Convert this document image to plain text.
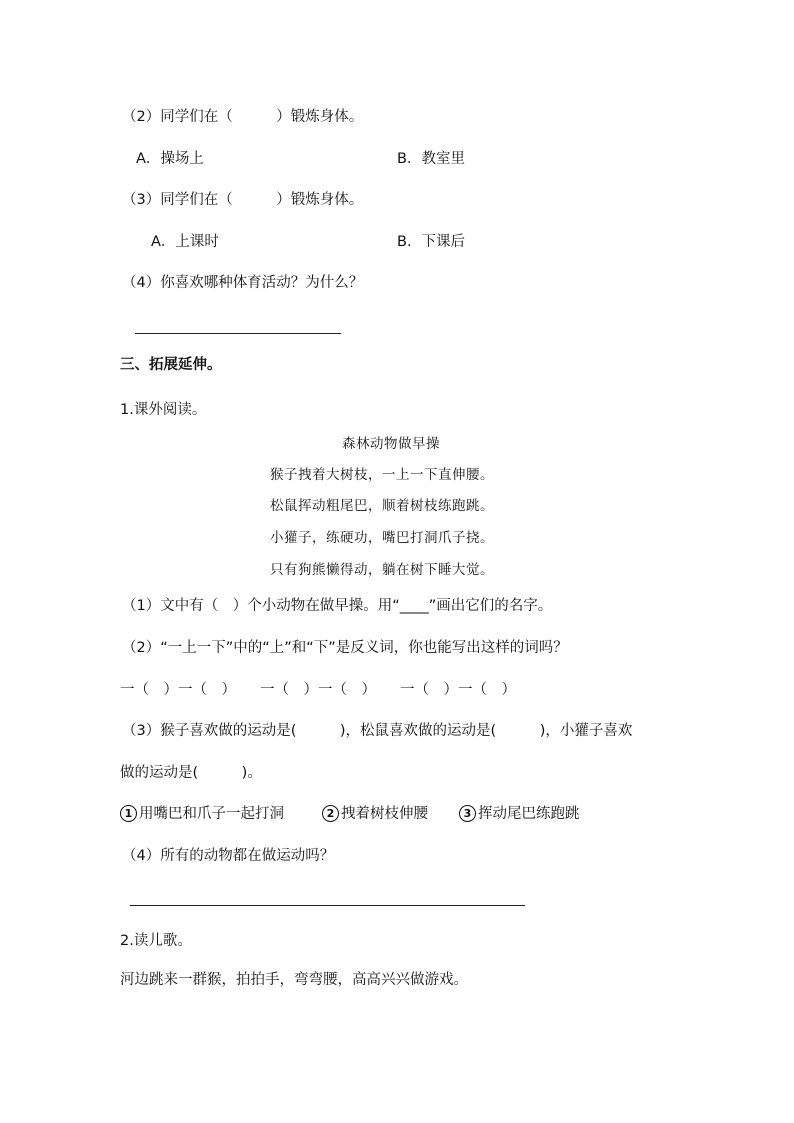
（2）同学们在（　　　）锻炼身体。
A．操场上	B．教室里
（3）同学们在（　　　）锻炼身体。
A．上课时	B．下课后
（4）你喜欢哪种体育活动？为什么？
三、拓展延伸。
1.课外阅读。
森林动物做早操
猴子拽着大树枝，一上一下直伸腰。
松鼠挥动粗尾巴，顺着树枝练跑跳。
小獾子，练硬功，嘴巴打洞爪子挠。
只有狗熊懒得动，躺在树下睡大觉。
（1）文中有（　）个小动物在做早操。用“____”画出它们的名字。
（2）“一上一下”中的“上”和“下”是反义词，你也能写出这样的词吗？
一（　）一（　） 一（　）一（　） 一（　）一（　）
（3）猴子喜欢做的运动是(　　　)，松鼠喜欢做的运动是(　　　)，小獾子喜欢
做的运动是(　　　)。
1 用嘴巴和爪子一起打洞	2 拽着树枝伸腰	3 挥动尾巴练跑跳
（4）所有的动物都在做运动吗？
2.读儿歌。
河边跳来一群猴，拍拍手，弯弯腰，高高兴兴做游戏。
